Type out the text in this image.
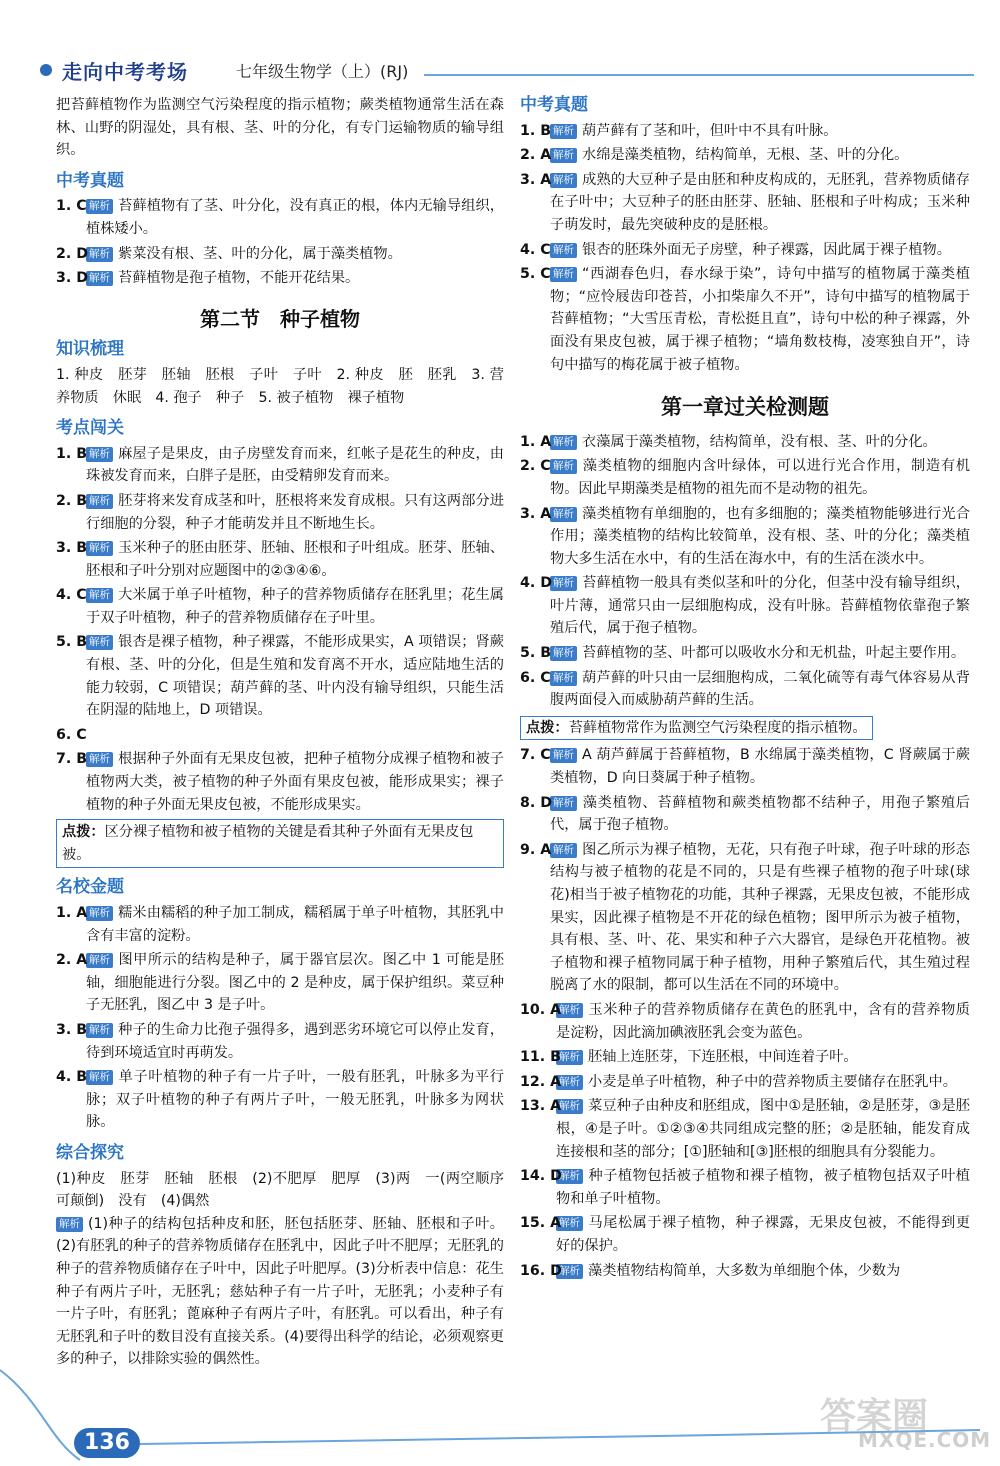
走向中考考场	七年级生物学（上）(RJ)

把苔藓植物作为监测空气污染程度的指示植物；蕨类植物通常生活在森林、山野的阴湿处，具有根、茎、叶的分化，有专门运输物质的输导组织。

中考真题
1. C 解析 苔藓植物有了茎、叶分化，没有真正的根，体内无输导组织，植株矮小。
2. D 解析 紫菜没有根、茎、叶的分化，属于藻类植物。
3. D 解析 苔藓植物是孢子植物，不能开花结果。
第二节　种子植物
知识梳理

1. 种皮　胚芽　胚轴　胚根　子叶　子叶　2. 种皮　胚　胚乳　3. 营养物质　休眠　4. 孢子　种子　5. 被子植物　裸子植物

考点闯关
1. B 解析 麻屋子是果皮，由子房壁发育而来，红帐子是花生的种皮，由珠被发育而来，白胖子是胚，由受精卵发育而来。
2. B 解析 胚芽将来发育成茎和叶，胚根将来发育成根。只有这两部分进行细胞的分裂，种子才能萌发并且不断地生长。
3. B 解析 玉米种子的胚由胚芽、胚轴、胚根和子叶组成。胚芽、胚轴、胚根和子叶分别对应题图中的②③④⑥。
4. C 解析 大米属于单子叶植物，种子的营养物质储存在胚乳里；花生属于双子叶植物，种子的营养物质储存在子叶里。
5. B 解析 银杏是裸子植物，种子裸露，不能形成果实，A 项错误；肾蕨有根、茎、叶的分化，但是生殖和发育离不开水，适应陆地生活的能力较弱，C 项错误；葫芦藓的茎、叶内没有输导组织，只能生活在阴湿的陆地上，D 项错误。
6. C

7. B 解析 根据种子外面有无果皮包被，把种子植物分成裸子植物和被子植物两大类，被子植物的种子外面有果皮包被，能形成果实；裸子植物的种子外面无果皮包被，不能形成果实。
点拨：区分裸子植物和被子植物的关键是看其种子外面有无果皮包被。
名校金题
1. A 解析 糯米由糯稻的种子加工制成，糯稻属于单子叶植物，其胚乳中含有丰富的淀粉。
2. A 解析 图甲所示的结构是种子，属于器官层次。图乙中 1 可能是胚轴，细胞能进行分裂。图乙中的 2 是种皮，属于保护组织。菜豆种子无胚乳，图乙中 3 是子叶。
3. B 解析 种子的生命力比孢子强得多，遇到恶劣环境它可以停止发育，待到环境适宜时再萌发。
4. B 解析 单子叶植物的种子有一片子叶，一般有胚乳，叶脉多为平行脉；双子叶植物的种子有两片子叶，一般无胚乳，叶脉多为网状脉。
综合探究

(1)种皮　胚芽　胚轴　胚根　(2)不肥厚　肥厚　(3)两　一(两空顺序可颠倒)　没有　(4)偶然

解析 (1)种子的结构包括种皮和胚，胚包括胚芽、胚轴、胚根和子叶。(2)有胚乳的种子的营养物质储存在胚乳中，因此子叶不肥厚；无胚乳的种子的营养物质储存在子叶中，因此子叶肥厚。(3)分析表中信息：花生种子有两片子叶，无胚乳；慈姑种子有一片子叶，无胚乳；小麦种子有一片子叶，有胚乳；蓖麻种子有两片子叶，有胚乳。可以看出，种子有无胚乳和子叶的数目没有直接关系。(4)要得出科学的结论，必须观察更多的种子，以排除实验的偶然性。

中考真题
1. B 解析 葫芦藓有了茎和叶，但叶中不具有叶脉。
2. A 解析 水绵是藻类植物，结构简单，无根、茎、叶的分化。
3. A 解析 成熟的大豆种子是由胚和种皮构成的，无胚乳，营养物质储存在子叶中；大豆种子的胚由胚芽、胚轴、胚根和子叶构成；玉米种子萌发时，最先突破种皮的是胚根。
4. C 解析 银杏的胚珠外面无子房壁，种子裸露，因此属于裸子植物。
5. C 解析 “西湖春色归，春水绿于染”，诗句中描写的植物属于藻类植物；“应怜屐齿印苍苔，小扣柴扉久不开”，诗句中描写的植物属于苔藓植物；“大雪压青松，青松挺且直”，诗句中松的种子裸露，外面没有果皮包被，属于裸子植物；“墙角数枝梅，凌寒独自开”，诗句中描写的梅花属于被子植物。
第一章过关检测题
1. A 解析 衣藻属于藻类植物，结构简单，没有根、茎、叶的分化。
2. C 解析 藻类植物的细胞内含叶绿体，可以进行光合作用，制造有机物。因此早期藻类是植物的祖先而不是动物的祖先。
3. A 解析 藻类植物有单细胞的，也有多细胞的；藻类植物能够进行光合作用；藻类植物的结构比较简单，没有根、茎、叶的分化；藻类植物大多生活在水中，有的生活在海水中，有的生活在淡水中。
4. D 解析 苔藓植物一般具有类似茎和叶的分化，但茎中没有输导组织，叶片薄，通常只由一层细胞构成，没有叶脉。苔藓植物依靠孢子繁殖后代，属于孢子植物。
5. B 解析 苔藓植物的茎、叶都可以吸收水分和无机盐，叶起主要作用。
6. C 解析 葫芦藓的叶只由一层细胞构成，二氧化硫等有毒气体容易从背腹两面侵入而威胁葫芦藓的生活。
点拨：苔藓植物常作为监测空气污染程度的指示植物。
7. C 解析 A 葫芦藓属于苔藓植物，B 水绵属于藻类植物，C 肾蕨属于蕨类植物，D 向日葵属于种子植物。
8. D 解析 藻类植物、苔藓植物和蕨类植物都不结种子，用孢子繁殖后代，属于孢子植物。
9. A 解析 图乙所示为裸子植物，无花，只有孢子叶球，孢子叶球的形态结构与被子植物的花是不同的，只是有些裸子植物的孢子叶球(球花)相当于被子植物花的功能，其种子裸露，无果皮包被，不能形成果实，因此裸子植物是不开花的绿色植物；图甲所示为被子植物，具有根、茎、叶、花、果实和种子六大器官，是绿色开花植物。被子植物和裸子植物同属于种子植物，用种子繁殖后代，其生殖过程脱离了水的限制，都可以生活在不同的环境中。
10. A
解析 玉米种子的营养物质储存在黄色的胚乳中，含有的营养物质是淀粉，因此滴加碘液胚乳会变为蓝色。
11. B
解析 胚轴上连胚芽，下连胚根，中间连着子叶。
12. A
解析 小麦是单子叶植物，种子中的营养物质主要储存在胚乳中。
13. A
解析 菜豆种子由种皮和胚组成，图中①是胚轴，②是胚芽，③是胚根，④是子叶。①②③④共同组成完整的胚；②是胚轴，能发育成连接根和茎的部分；[①]胚轴和[③]胚根的细胞具有分裂能力。
14. D
解析 种子植物包括被子植物和裸子植物，被子植物包括双子叶植物和单子叶植物。
15. A
解析 马尾松属于裸子植物，种子裸露，无果皮包被，不能得到更好的保护。
16. D
解析 藻类植物结构简单，大多数为单细胞个体，少数为
136
答案圈
MXQE.COM
